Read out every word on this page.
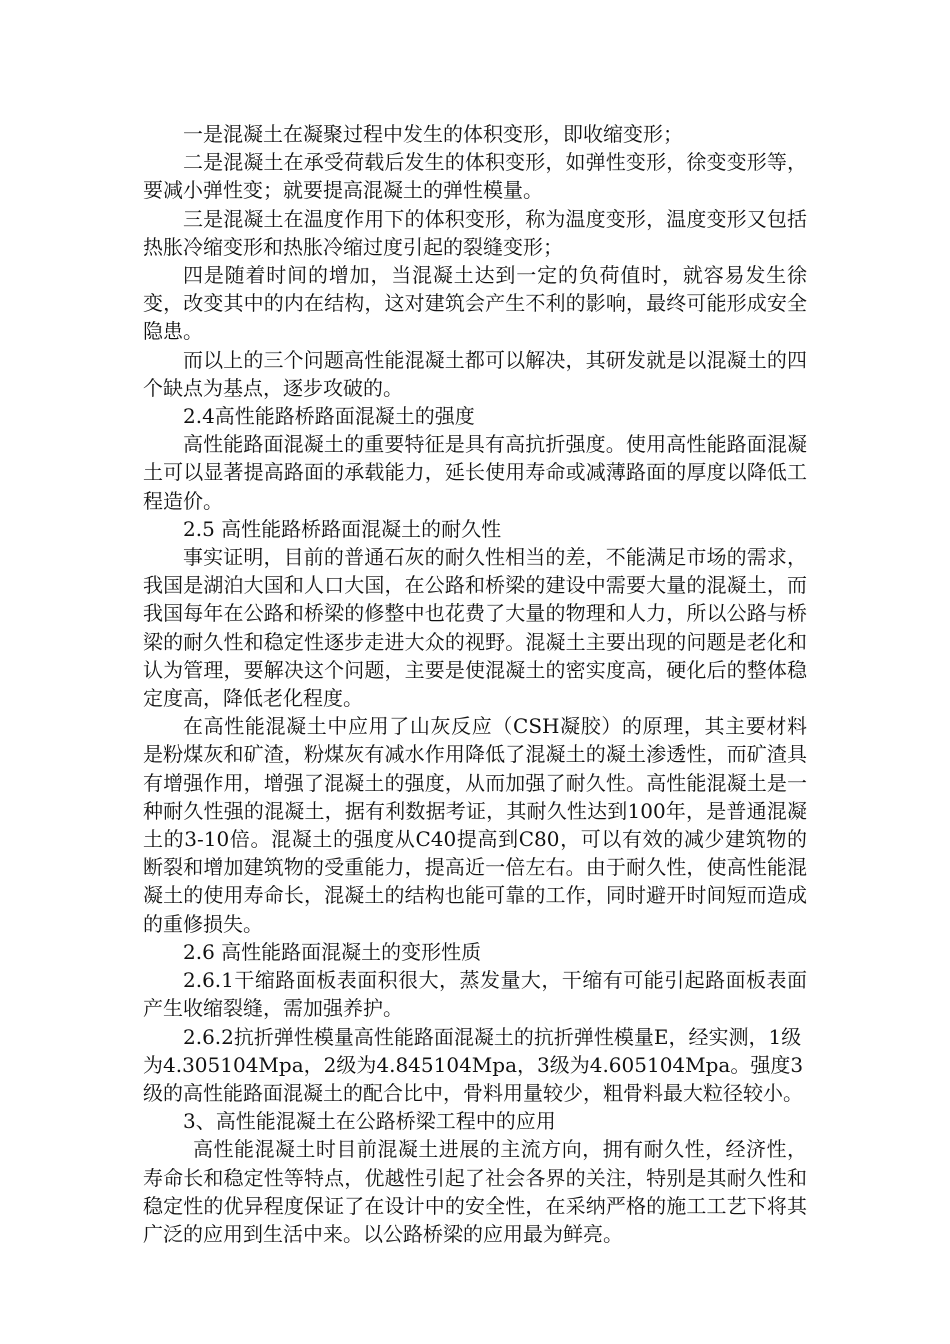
一是混凝土在凝聚过程中发生的体积变形，即收缩变形；

二是混凝土在承受荷载后发生的体积变形，如弹性变形，徐变变形等，要减小弹性变；就要提高混凝土的弹性模量。

三是混凝土在温度作用下的体积变形，称为温度变形，温度变形又包括热胀冷缩变形和热胀冷缩过度引起的裂缝变形；

四是随着时间的增加，当混凝土达到一定的负荷值时，就容易发生徐变，改变其中的内在结构，这对建筑会产生不利的影响，最终可能形成安全隐患。

而以上的三个问题高性能混凝土都可以解决，其研发就是以混凝土的四个缺点为基点，逐步攻破的。

2.4高性能路桥路面混凝土的强度

高性能路面混凝土的重要特征是具有高抗折强度。使用高性能路面混凝土可以显著提高路面的承载能力，延长使用寿命或减薄路面的厚度以降低工程造价。

2.5 高性能路桥路面混凝土的耐久性

事实证明，目前的普通石灰的耐久性相当的差，不能满足市场的需求，我国是湖泊大国和人口大国，在公路和桥梁的建设中需要大量的混凝土，而我国每年在公路和桥梁的修整中也花费了大量的物理和人力，所以公路与桥梁的耐久性和稳定性逐步走进大众的视野。混凝土主要出现的问题是老化和认为管理，要解决这个问题，主要是使混凝土的密实度高，硬化后的整体稳定度高，降低老化程度。

在高性能混凝土中应用了山灰反应（CSH凝胶）的原理，其主要材料是粉煤灰和矿渣，粉煤灰有减水作用降低了混凝土的凝土渗透性，而矿渣具有增强作用，增强了混凝土的强度，从而加强了耐久性。高性能混凝土是一种耐久性强的混凝土，据有利数据考证，其耐久性达到100年，是普通混凝土的3-10倍。混凝土的强度从C40提高到C80，可以有效的减少建筑物的断裂和增加建筑物的受重能力，提高近一倍左右。由于耐久性，使高性能混凝土的使用寿命长，混凝土的结构也能可靠的工作，同时避开时间短而造成的重修损失。

2.6 高性能路面混凝土的变形性质

2.6.1干缩路面板表面积很大，蒸发量大，干缩有可能引起路面板表面产生收缩裂缝，需加强养护。

2.6.2抗折弹性模量高性能路面混凝土的抗折弹性模量E，经实测，1级为4.305104Mpa，2级为4.845104Mpa，3级为4.605104Mpa。强度3级的高性能路面混凝土的配合比中，骨料用量较少，粗骨料最大粒径较小。

3、高性能混凝土在公路桥梁工程中的应用

高性能混凝土时目前混凝土进展的主流方向，拥有耐久性，经济性，寿命长和稳定性等特点，优越性引起了社会各界的关注，特别是其耐久性和稳定性的优异程度保证了在设计中的安全性，在采纳严格的施工工艺下将其广泛的应用到生活中来。以公路桥梁的应用最为鲜亮。
